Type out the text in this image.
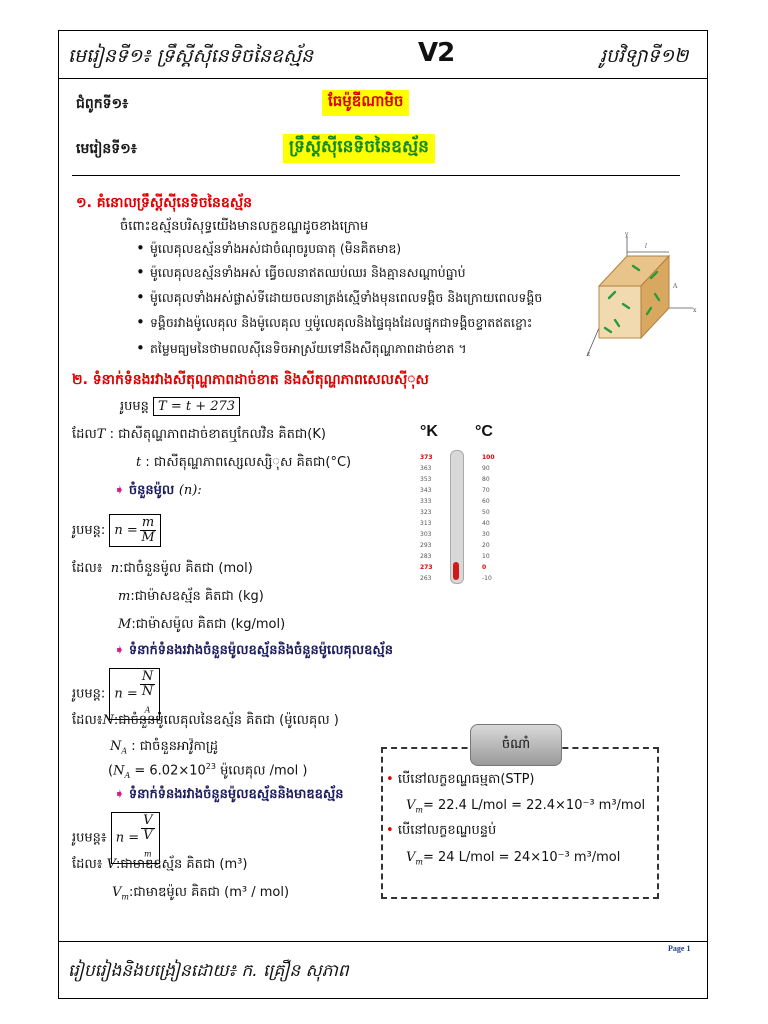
មេរៀនទី១៖ ទ្រឹស្តីស៊ីនេទិចនៃឧស្ម័ន	V2	រូបវិទ្យាទី១២
ជំពូកទី១៖	ធែម៉ូឌីណាមិច
មេរៀនទី១៖	ទ្រឹស្តីស៊ីនេទិចនៃឧស្ម័ន
១. គំនោលទ្រឹស្តីស៊ីនេទិចនៃឧស្ម័ន
ចំពោះឧស្ម័នបរិសុទ្ធយើងមានលក្ខខណ្ឌដូចខាងក្រោម
• ម៉ូលេគុលឧស្ម័នទាំងអស់ជាចំណុចរូបធាតុ (មិនគិតមាឌ)
• ម៉ូលេគុលឧស្ម័នទាំងអស់ ធ្វើចលនាឥតឈប់ឈរ និងគ្មានសណ្តាប់ធ្នាប់
• ម៉ូលេគុលទាំងអស់ផ្លាស់ទីដោយចលនាត្រង់ស្មើទាំងមុនពេលទង្គិច និងក្រោយពេលទង្គិច
• ទង្គិចរវាងម៉ូលេគុល និងម៉ូលេគុល ឬម៉ូលេគុលនិងផ្ទៃធុងដែលផ្ទុកជាទង្គិចខ្ទាតឥតខ្ចោះ
• តម្លៃមធ្យមនៃថាមពលស៊ីនេទិចអាស្រ័យទៅនឹងសីតុណ្ហភាពដាច់ខាត ។
y
x
z
l
A
២. ទំនាក់ទំនងរវាងសីតុណ្ហភាពដាច់ខាត និងសីតុណ្ហភាពសេលស៊ីុស
រូបមន្ត T = t + 273
ដែលT : ជាសីតុណ្ហភាពដាច់ខាតឬកែលវិន គិតជា(K)
t : ជាសីតុណ្ហភាពសេ្សលស្សិុស គិតជា(°C)
°K °C
373
363
353
343
333
323
313
303
293
283
273
263
100
90
80
70
60
50
40
30
20
10
0
-10
➧ ចំនួនម៉ូល (n):
រូបមន្ត: $n = \frac{m}{M}$
ដែល៖ n:ជាចំនួនម៉ូល គិតជា (mol)
m:ជាម៉ាសឧស្ម័ន គិតជា (kg)
M:ជាម៉ាសម៉ូល គិតជា (kg/mol)
➧ ទំនាក់ទំនងរវាងចំនួនម៉ូលឧស្ម័ននិងចំនួនម៉ូលេគុលឧស្ម័ន
រូបមន្ត: n = N
N
$_A$
ដែល៖N:ជាចំនួនម៉ូលេគុលនៃឧស្ម័ន គិតជា (ម៉ូលេគុល )
$N_A$ : ជាចំនួនអាវ៉ូកាដ្រូ
($N_A = 6.02\times 10^{23}$ ម៉ូលេគុល /mol )
➧ ទំនាក់ទំនងរវាងចំនួនម៉ូលឧស្ម័ននិងមាឌឧស្ម័ន
រូបមន្ត៖ n = V
V
$_m$
ដែល៖ V:ជាមាឌឧស្ម័ន គិតជា (m³)
$V_m$:ជាមាឌម៉ូល គិតជា (m³ / mol)
ចំណាំ
• បើនៅលក្ខខណ្ឌធម្មតា(STP)
$V_m= 22.4$ L/mol = 22.4×10⁻³ m³/mol
• បើនៅលក្ខខណ្ឌបន្ទប់
$V_m= 24$ L/mol = 24×10⁻³ m³/mol
Page 1
រៀបរៀងនិងបង្រៀនដោយ៖ ក. គ្រឿន សុភាព
